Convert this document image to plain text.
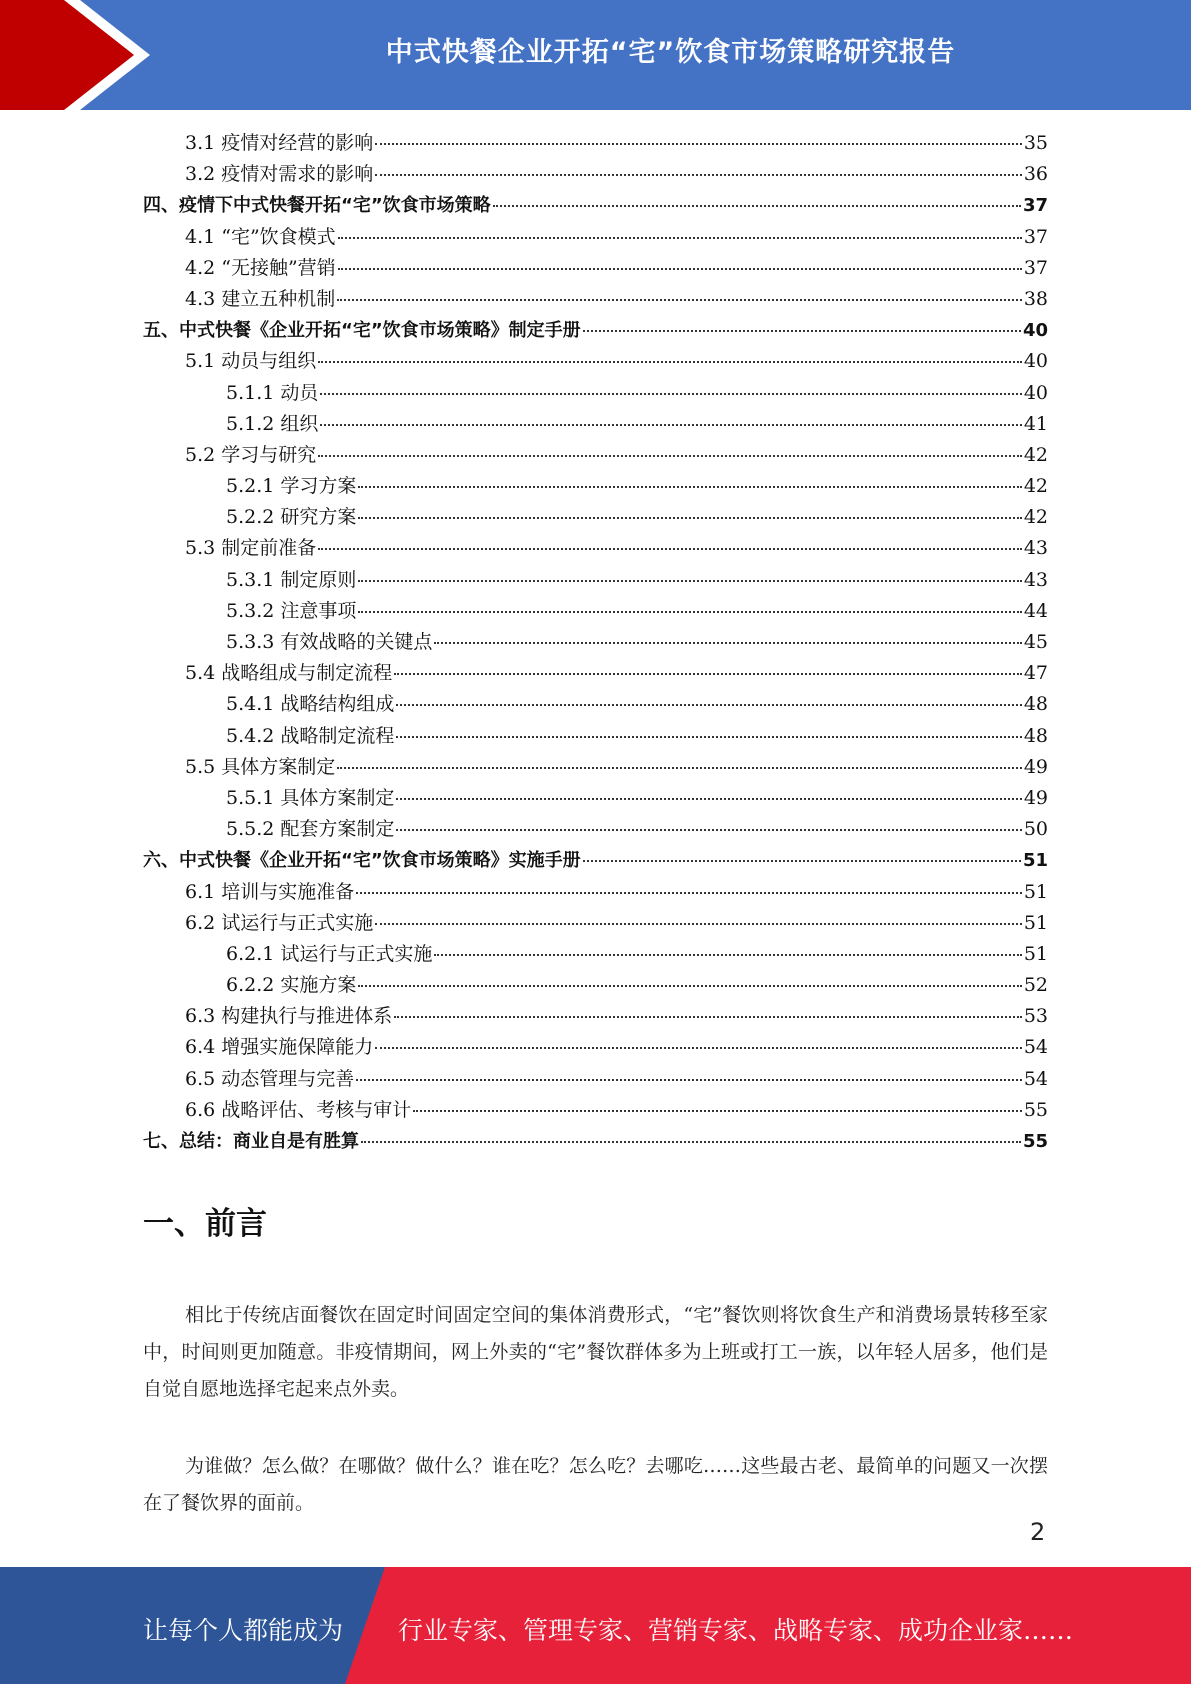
中式快餐企业开拓“宅”饮食市场策略研究报告
3.1 疫情对经营的影响	35
3.2 疫情对需求的影响	36
四、疫情下中式快餐开拓“宅”饮食市场策略	37
4.1 “宅”饮食模式	37
4.2 “无接触”营销	37
4.3 建立五种机制	38
五、中式快餐《企业开拓“宅”饮食市场策略》制定手册	40
5.1 动员与组织	40
5.1.1 动员	40
5.1.2 组织	41
5.2 学习与研究	42
5.2.1 学习方案	42
5.2.2 研究方案	42
5.3 制定前准备	43
5.3.1 制定原则	43
5.3.2 注意事项	44
5.3.3 有效战略的关键点	45
5.4 战略组成与制定流程	47
5.4.1 战略结构组成	48
5.4.2 战略制定流程	48
5.5 具体方案制定	49
5.5.1 具体方案制定	49
5.5.2 配套方案制定	50
六、中式快餐《企业开拓“宅”饮食市场策略》实施手册	51
6.1 培训与实施准备	51
6.2 试运行与正式实施	51
6.2.1 试运行与正式实施	51
6.2.2 实施方案	52
6.3 构建执行与推进体系	53
6.4 增强实施保障能力	54
6.5 动态管理与完善	54
6.6 战略评估、考核与审计	55
七、总结：商业自是有胜算	55
一、前言
相比于传统店面餐饮在固定时间固定空间的集体消费形式，“宅”餐饮则将饮食生产和消费场景转移至家中，时间则更加随意。非疫情期间，网上外卖的“宅”餐饮群体多为上班或打工一族，以年轻人居多，他们是自觉自愿地选择宅起来点外卖。
为谁做？怎么做？在哪做？做什么？谁在吃？怎么吃？去哪吃……这些最古老、最简单的问题又一次摆在了餐饮界的面前。
2
让每个人都能成为 行业专家、管理专家、营销专家、战略专家、成功企业家……
